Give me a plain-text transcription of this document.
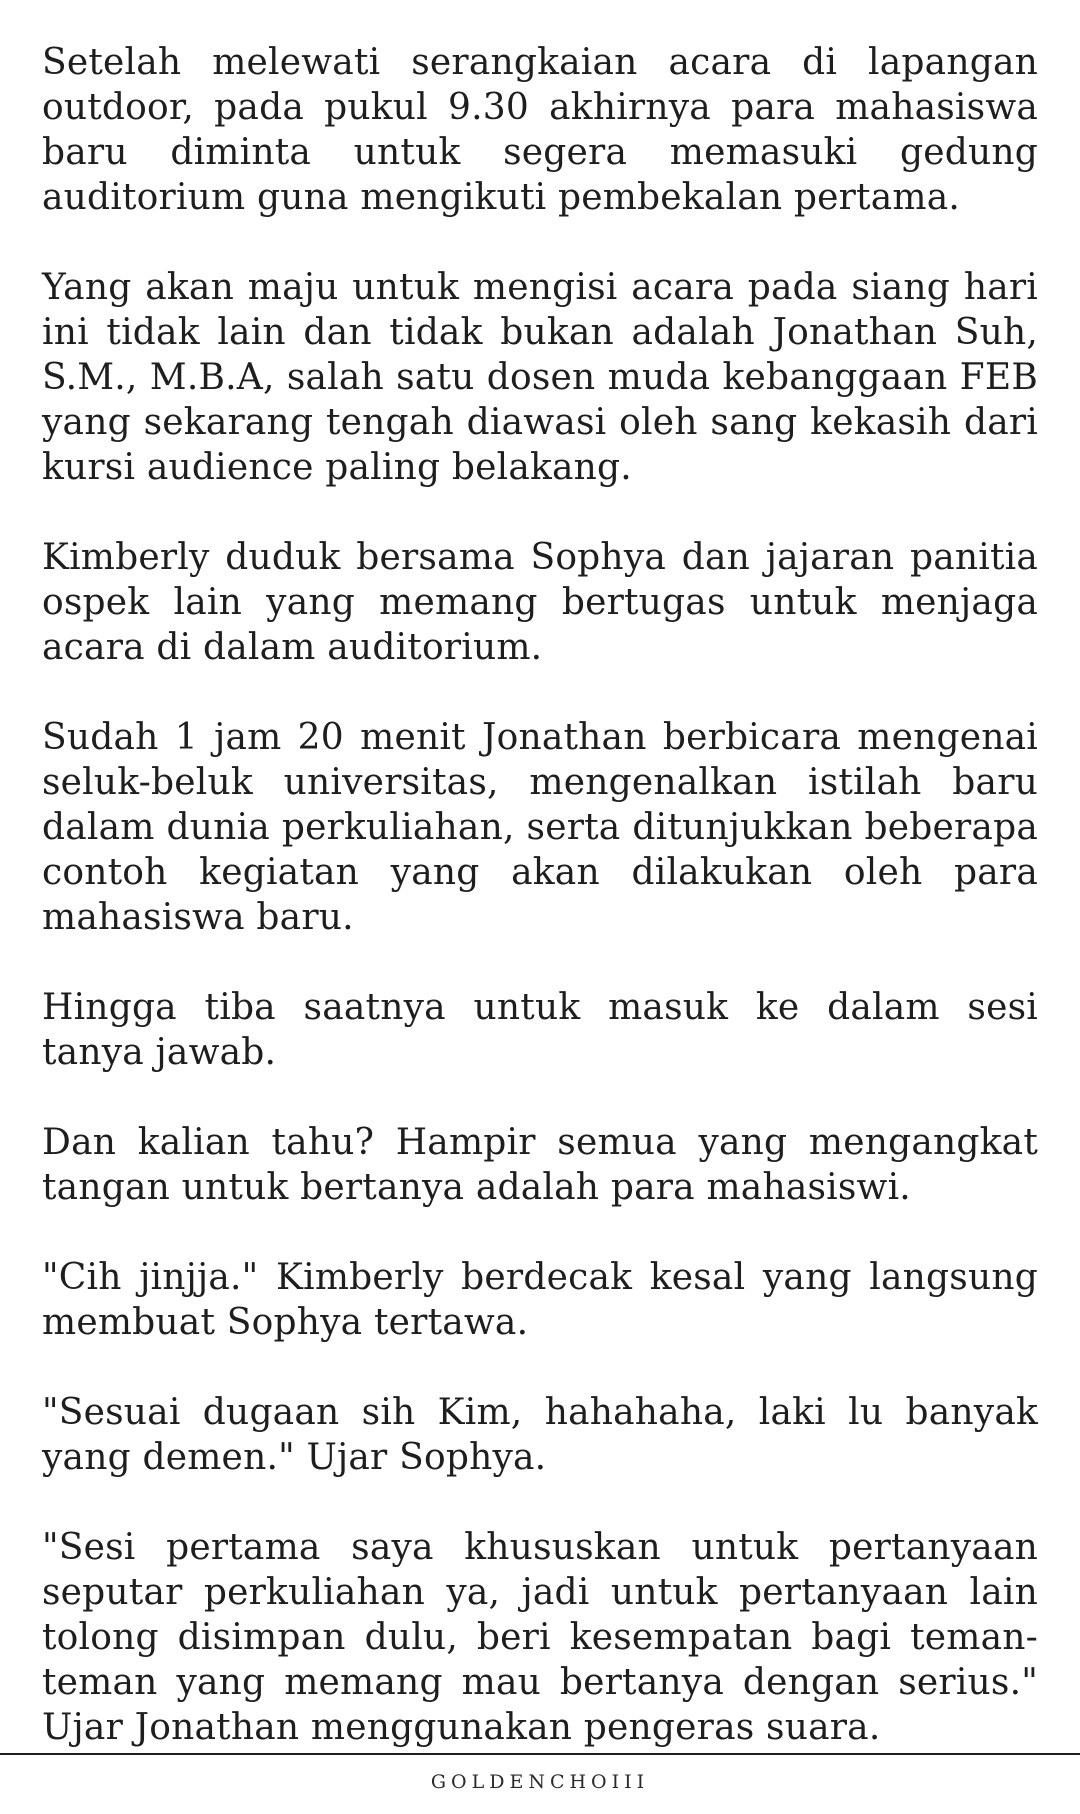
Setelah melewati serangkaian acara di lapangan outdoor, pada pukul 9.30 akhirnya para mahasiswa baru diminta untuk segera memasuki gedung auditorium guna mengikuti pembekalan pertama.

Yang akan maju untuk mengisi acara pada siang hari ini tidak lain dan tidak bukan adalah Jonathan Suh, S.M., M.B.A, salah satu dosen muda kebanggaan FEB yang sekarang tengah diawasi oleh sang kekasih dari kursi audience paling belakang.

Kimberly duduk bersama Sophya dan jajaran panitia ospek lain yang memang bertugas untuk menjaga acara di dalam auditorium.

Sudah 1 jam 20 menit Jonathan berbicara mengenai seluk-beluk universitas, mengenalkan istilah baru dalam dunia perkuliahan, serta ditunjukkan beberapa contoh kegiatan yang akan dilakukan oleh para mahasiswa baru.

Hingga tiba saatnya untuk masuk ke dalam sesi tanya jawab.

Dan kalian tahu? Hampir semua yang mengangkat tangan untuk bertanya adalah para mahasiswi.

"Cih jinjja." Kimberly berdecak kesal yang langsung membuat Sophya tertawa.

"Sesuai dugaan sih Kim, hahahaha, laki lu banyak yang demen." Ujar Sophya.

"Sesi pertama saya khususkan untuk pertanyaan seputar perkuliahan ya, jadi untuk pertanyaan lain tolong disimpan dulu, beri kesempatan bagi teman-teman yang memang mau bertanya dengan serius." Ujar Jonathan menggunakan pengeras suara.

GOLDENCHOIII
